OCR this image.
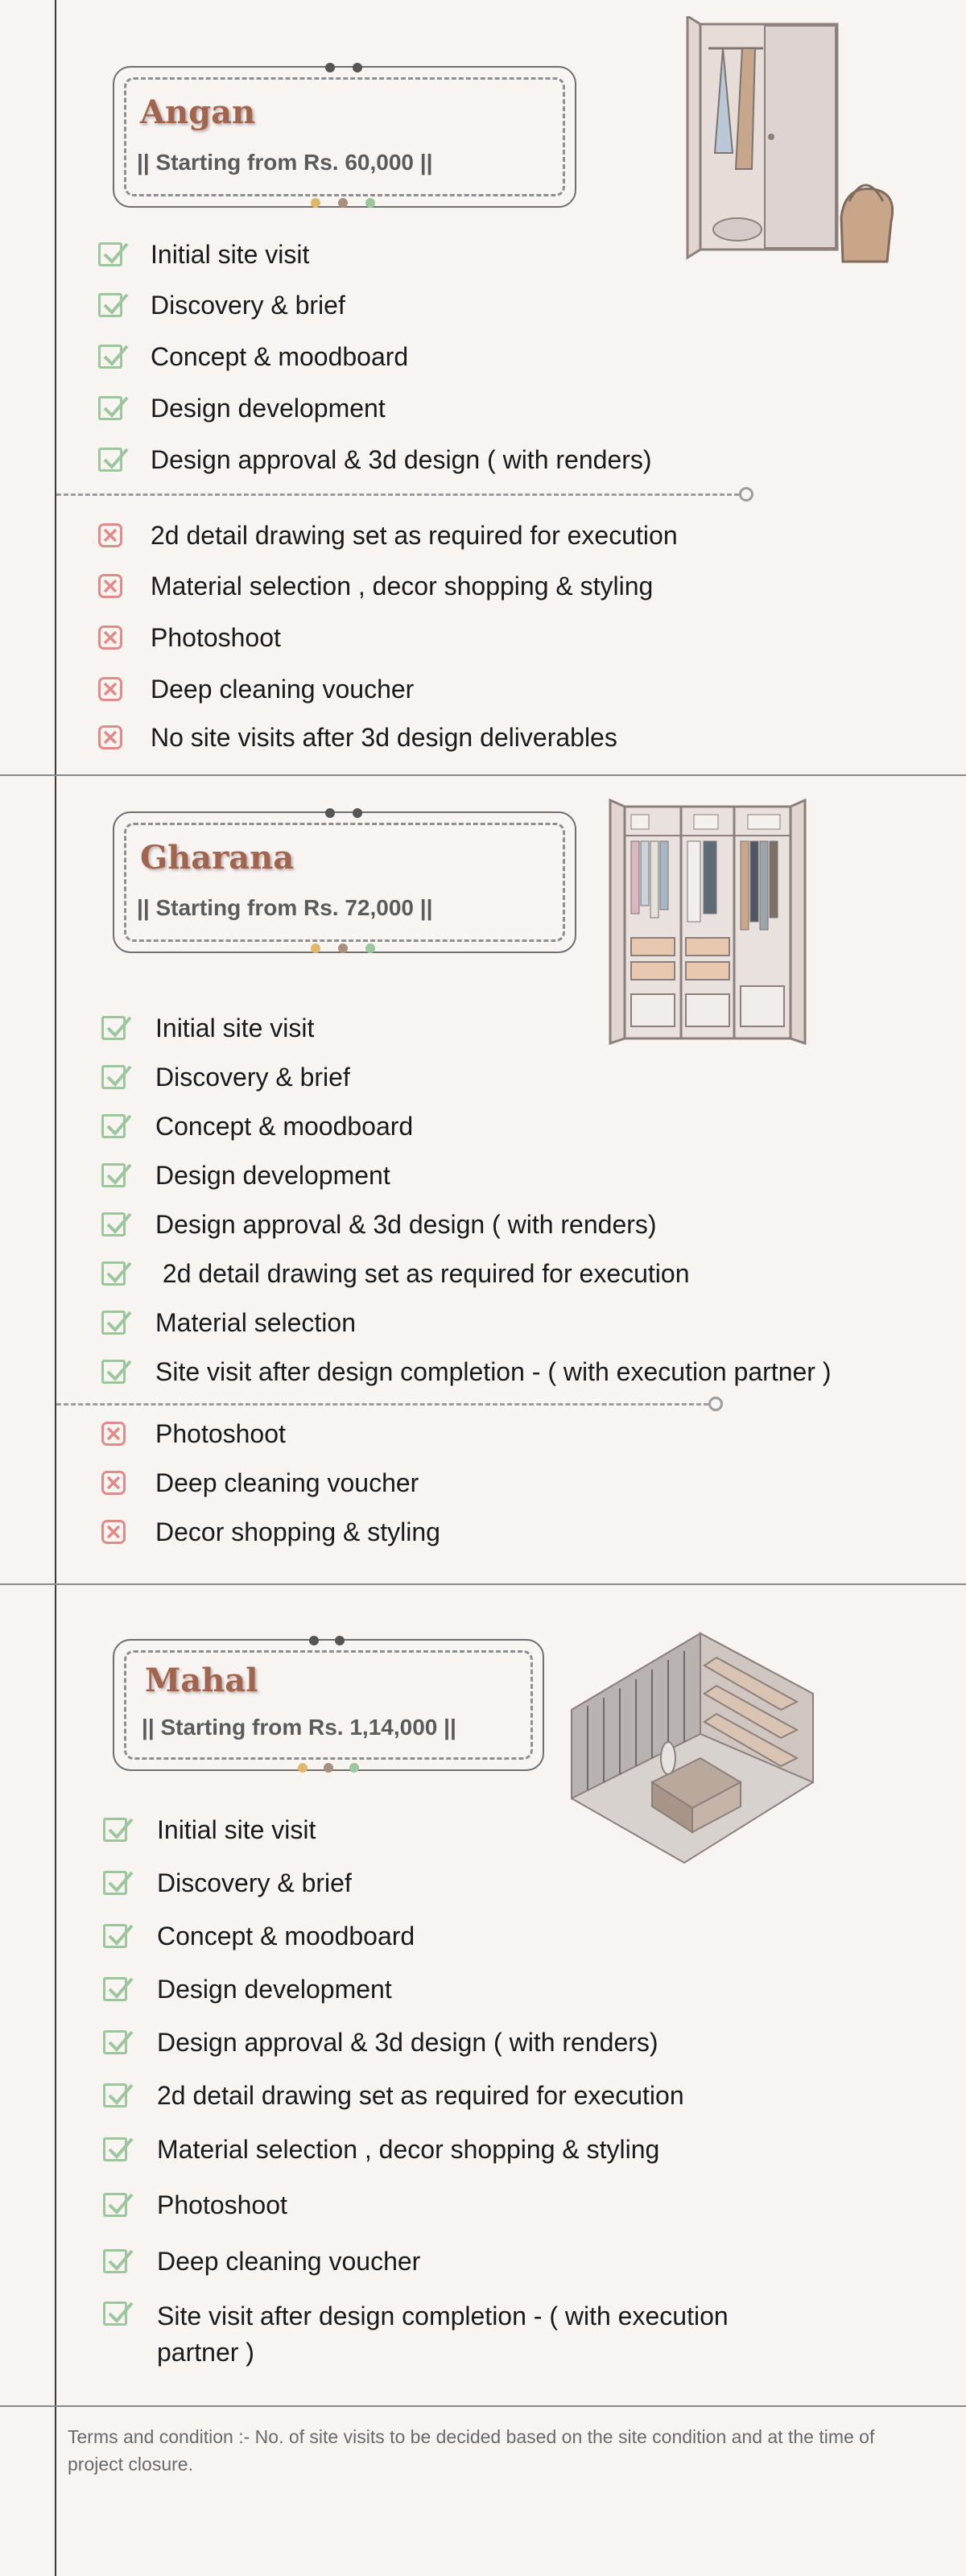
Angan
|| Starting from Rs. 60,000 ||
Initial site visit
Discovery & brief
Concept & moodboard
Design development
Design approval & 3d design ( with renders)
2d detail drawing set as required for execution
Material selection , decor shopping & styling
Photoshoot
Deep cleaning voucher
No site visits after 3d design deliverables
Gharana
|| Starting from Rs. 72,000 ||
Initial site visit
Discovery & brief
Concept & moodboard
Design development
Design approval & 3d design ( with renders)
2d detail drawing set as required for execution
Material selection
Site visit after design completion - ( with execution partner )
Photoshoot
Deep cleaning voucher
Decor shopping & styling
Mahal
|| Starting from Rs. 1,14,000 ||
Initial site visit
Discovery & brief
Concept & moodboard
Design development
Design approval & 3d design ( with renders)
2d detail drawing set as required for execution
Material selection , decor shopping & styling
Photoshoot
Deep cleaning voucher
Site visit after design completion - ( with execution partner )
Terms and condition :- No. of site visits to be decided based on the site condition and at the time of project closure.
